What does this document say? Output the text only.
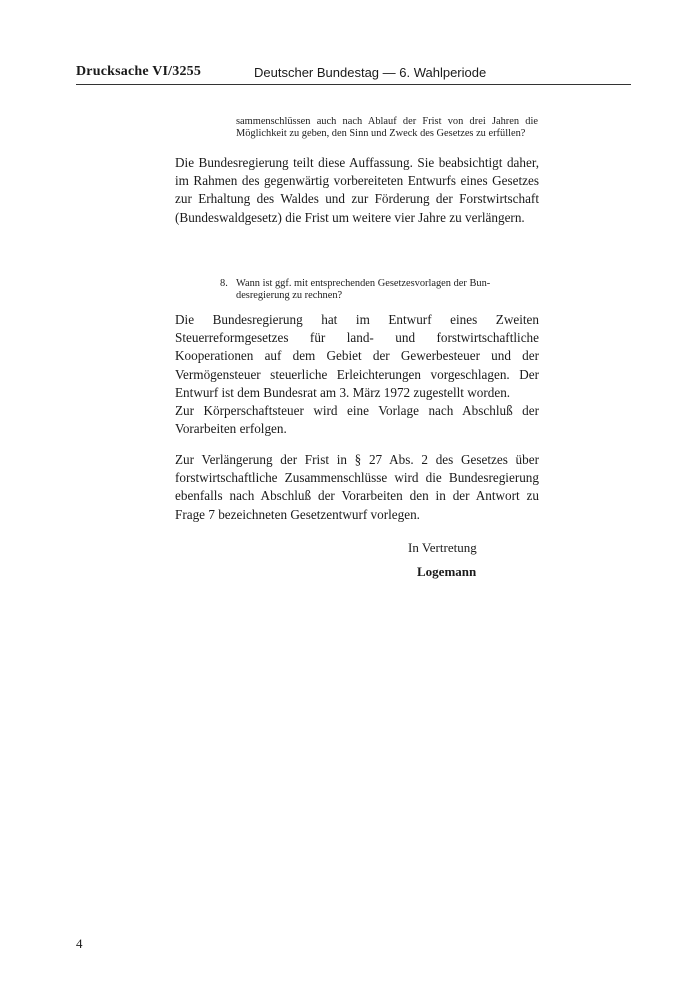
Drucksache VI/3255	Deutscher Bundestag — 6. Wahlperiode
sammenschlüssen auch nach Ablauf der Frist von drei Jahren die Möglichkeit zu geben, den Sinn und Zweck des Gesetzes zu erfüllen?
Die Bundesregierung teilt diese Auffassung. Sie beabsichtigt daher, im Rahmen des gegenwärtig vorbereiteten Entwurfs eines Gesetzes zur Erhaltung des Waldes und zur Förderung der Forstwirtschaft (Bundeswaldgesetz) die Frist um weitere vier Jahre zu verlängern.
8. Wann ist ggf. mit entsprechenden Gesetzesvorlagen der Bun-
desregierung zu rechnen?
Die Bundesregierung hat im Entwurf eines Zweiten Steuerreformgesetzes für land- und forstwirtschaftliche Kooperationen auf dem Gebiet der Gewerbesteuer und der Vermögensteuer steuerliche Erleichterungen vorgeschlagen. Der Entwurf ist dem Bundesrat am 3. März 1972 zugestellt worden.
Zur Körperschaftsteuer wird eine Vorlage nach Abschluß der Vorarbeiten erfolgen.
Zur Verlängerung der Frist in § 27 Abs. 2 des Gesetzes über forstwirtschaftliche Zusammenschlüsse wird die Bundesregierung ebenfalls nach Abschluß der Vorarbeiten den in der Antwort zu Frage 7 bezeichneten Gesetzentwurf vorlegen.
In Vertretung
Logemann
4
